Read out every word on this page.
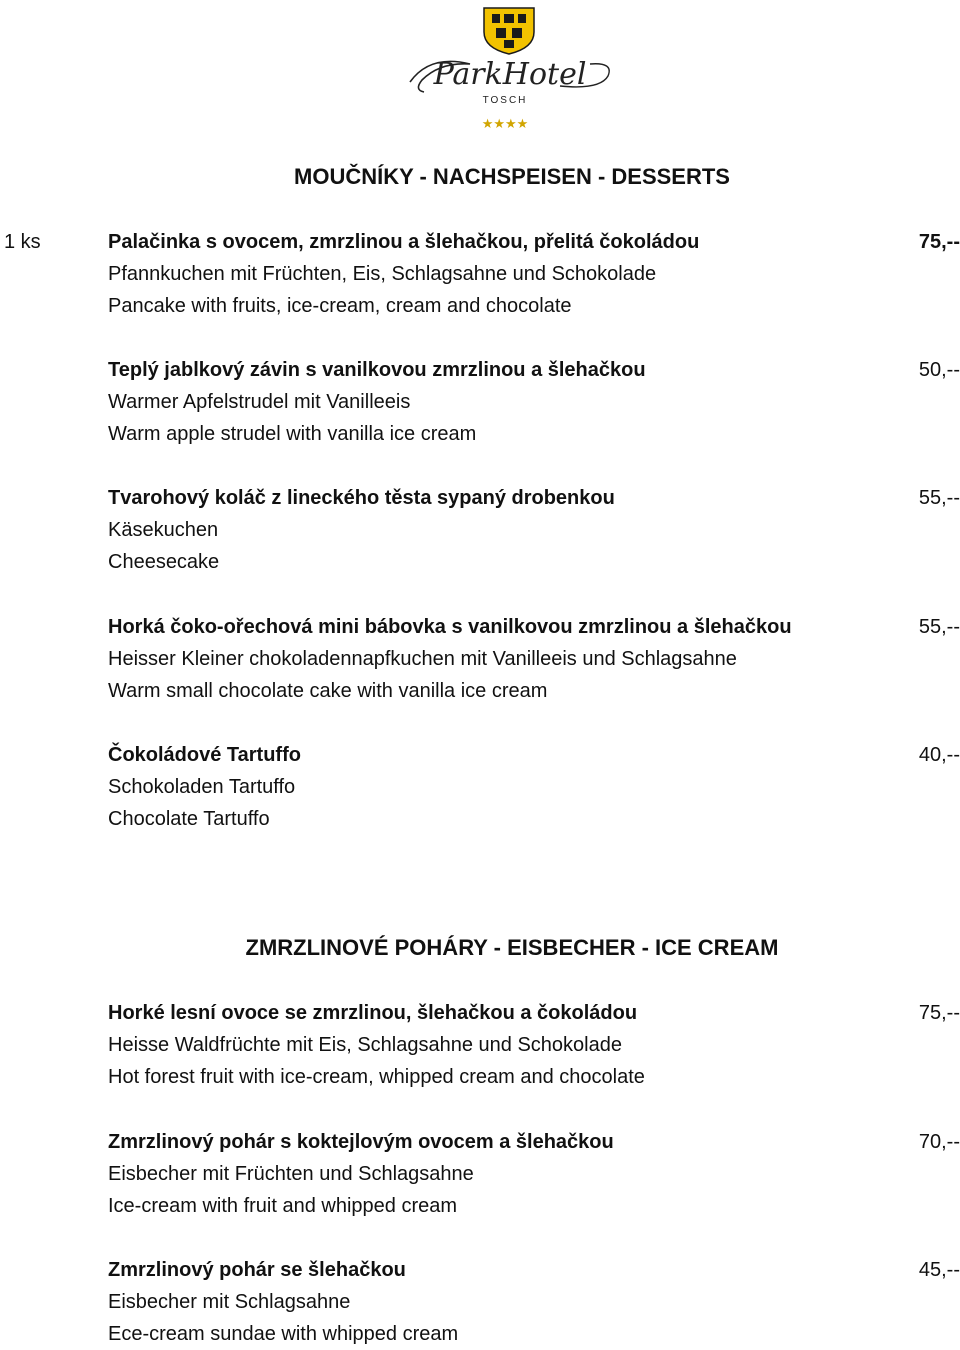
ParkHotel
TOSCH
★★★★
MOUČNÍKY - NACHSPEISEN - DESSERTS
1 ks	Palačinka s ovocem, zmrzlinou a šlehačkou, přelitá čokoládou
Pfannkuchen mit Früchten, Eis, Schlagsahne und Schokolade
Pancake with fruits, ice-cream, cream and chocolate
75,--
Teplý jablkový závin s vanilkovou zmrzlinou a šlehačkou
Warmer Apfelstrudel mit Vanilleeis
Warm apple strudel with vanilla ice cream
50,--
Tvarohový koláč z lineckého těsta sypaný drobenkou
Käsekuchen
Cheesecake
55,--
Horká čoko-ořechová mini bábovka s vanilkovou zmrzlinou a šlehačkou
Heisser Kleiner chokoladennapfkuchen mit Vanilleeis und Schlagsahne
Warm small chocolate cake with vanilla ice cream
55,--
Čokoládové Tartuffo
Schokoladen Tartuffo
Chocolate Tartuffo
40,--
ZMRZLINOVÉ POHÁRY - EISBECHER - ICE CREAM
Horké lesní ovoce se zmrzlinou, šlehačkou a čokoládou
Heisse Waldfrüchte mit Eis, Schlagsahne und Schokolade
Hot forest fruit with ice-cream, whipped cream and chocolate
75,--
Zmrzlinový pohár s koktejlovým ovocem a šlehačkou
Eisbecher mit Früchten und Schlagsahne
Ice-cream with fruit and whipped cream
70,--
Zmrzlinový pohár se šlehačkou
Eisbecher mit Schlagsahne
Ece-cream sundae with whipped cream
45,--
